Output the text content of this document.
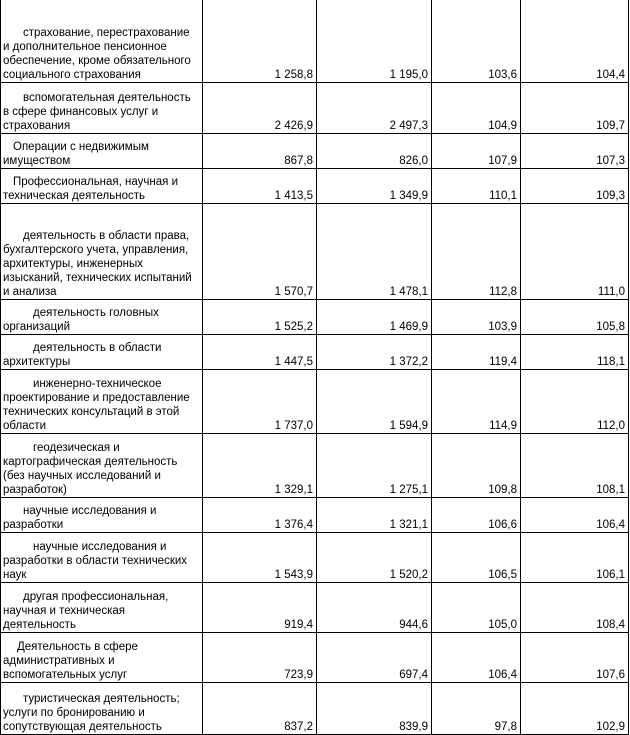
страхование, перестрахование и дополнительное пенсионное обеспечение, кроме обязательного социального страхования	1 258,8	1 195,0	103,6	104,4
вспомогательная деятельность в сфере финансовых услуг и страхования	2 426,9	2 497,3	104,9	109,7
Операции с недвижимым имуществом	867,8	826,0	107,9	107,3
Профессиональная, научная и техническая деятельность	1 413,5	1 349,9	110,1	109,3
деятельность в области права, бухгалтерского учета, управления, архитектуры, инженерных изысканий, технических испытаний и анализа	1 570,7	1 478,1	112,8	111,0
деятельность головных организаций	1 525,2	1 469,9	103,9	105,8
деятельность в области архитектуры	1 447,5	1 372,2	119,4	118,1
инженерно-техническое проектирование и предоставление технических консультаций в этой области	1 737,0	1 594,9	114,9	112,0
геодезическая и картографическая деятельность (без научных исследований и разработок)	1 329,1	1 275,1	109,8	108,1
научные исследования и разработки	1 376,4	1 321,1	106,6	106,4
научные исследования и разработки в области технических наук	1 543,9	1 520,2	106,5	106,1
другая профессиональная, научная и техническая деятельность	919,4	944,6	105,0	108,4
Деятельность в сфере административных и вспомогательных услуг	723,9	697,4	106,4	107,6
туристическая деятельность; услуги по бронированию и сопутствующая деятельность	837,2	839,9	97,8	102,9
